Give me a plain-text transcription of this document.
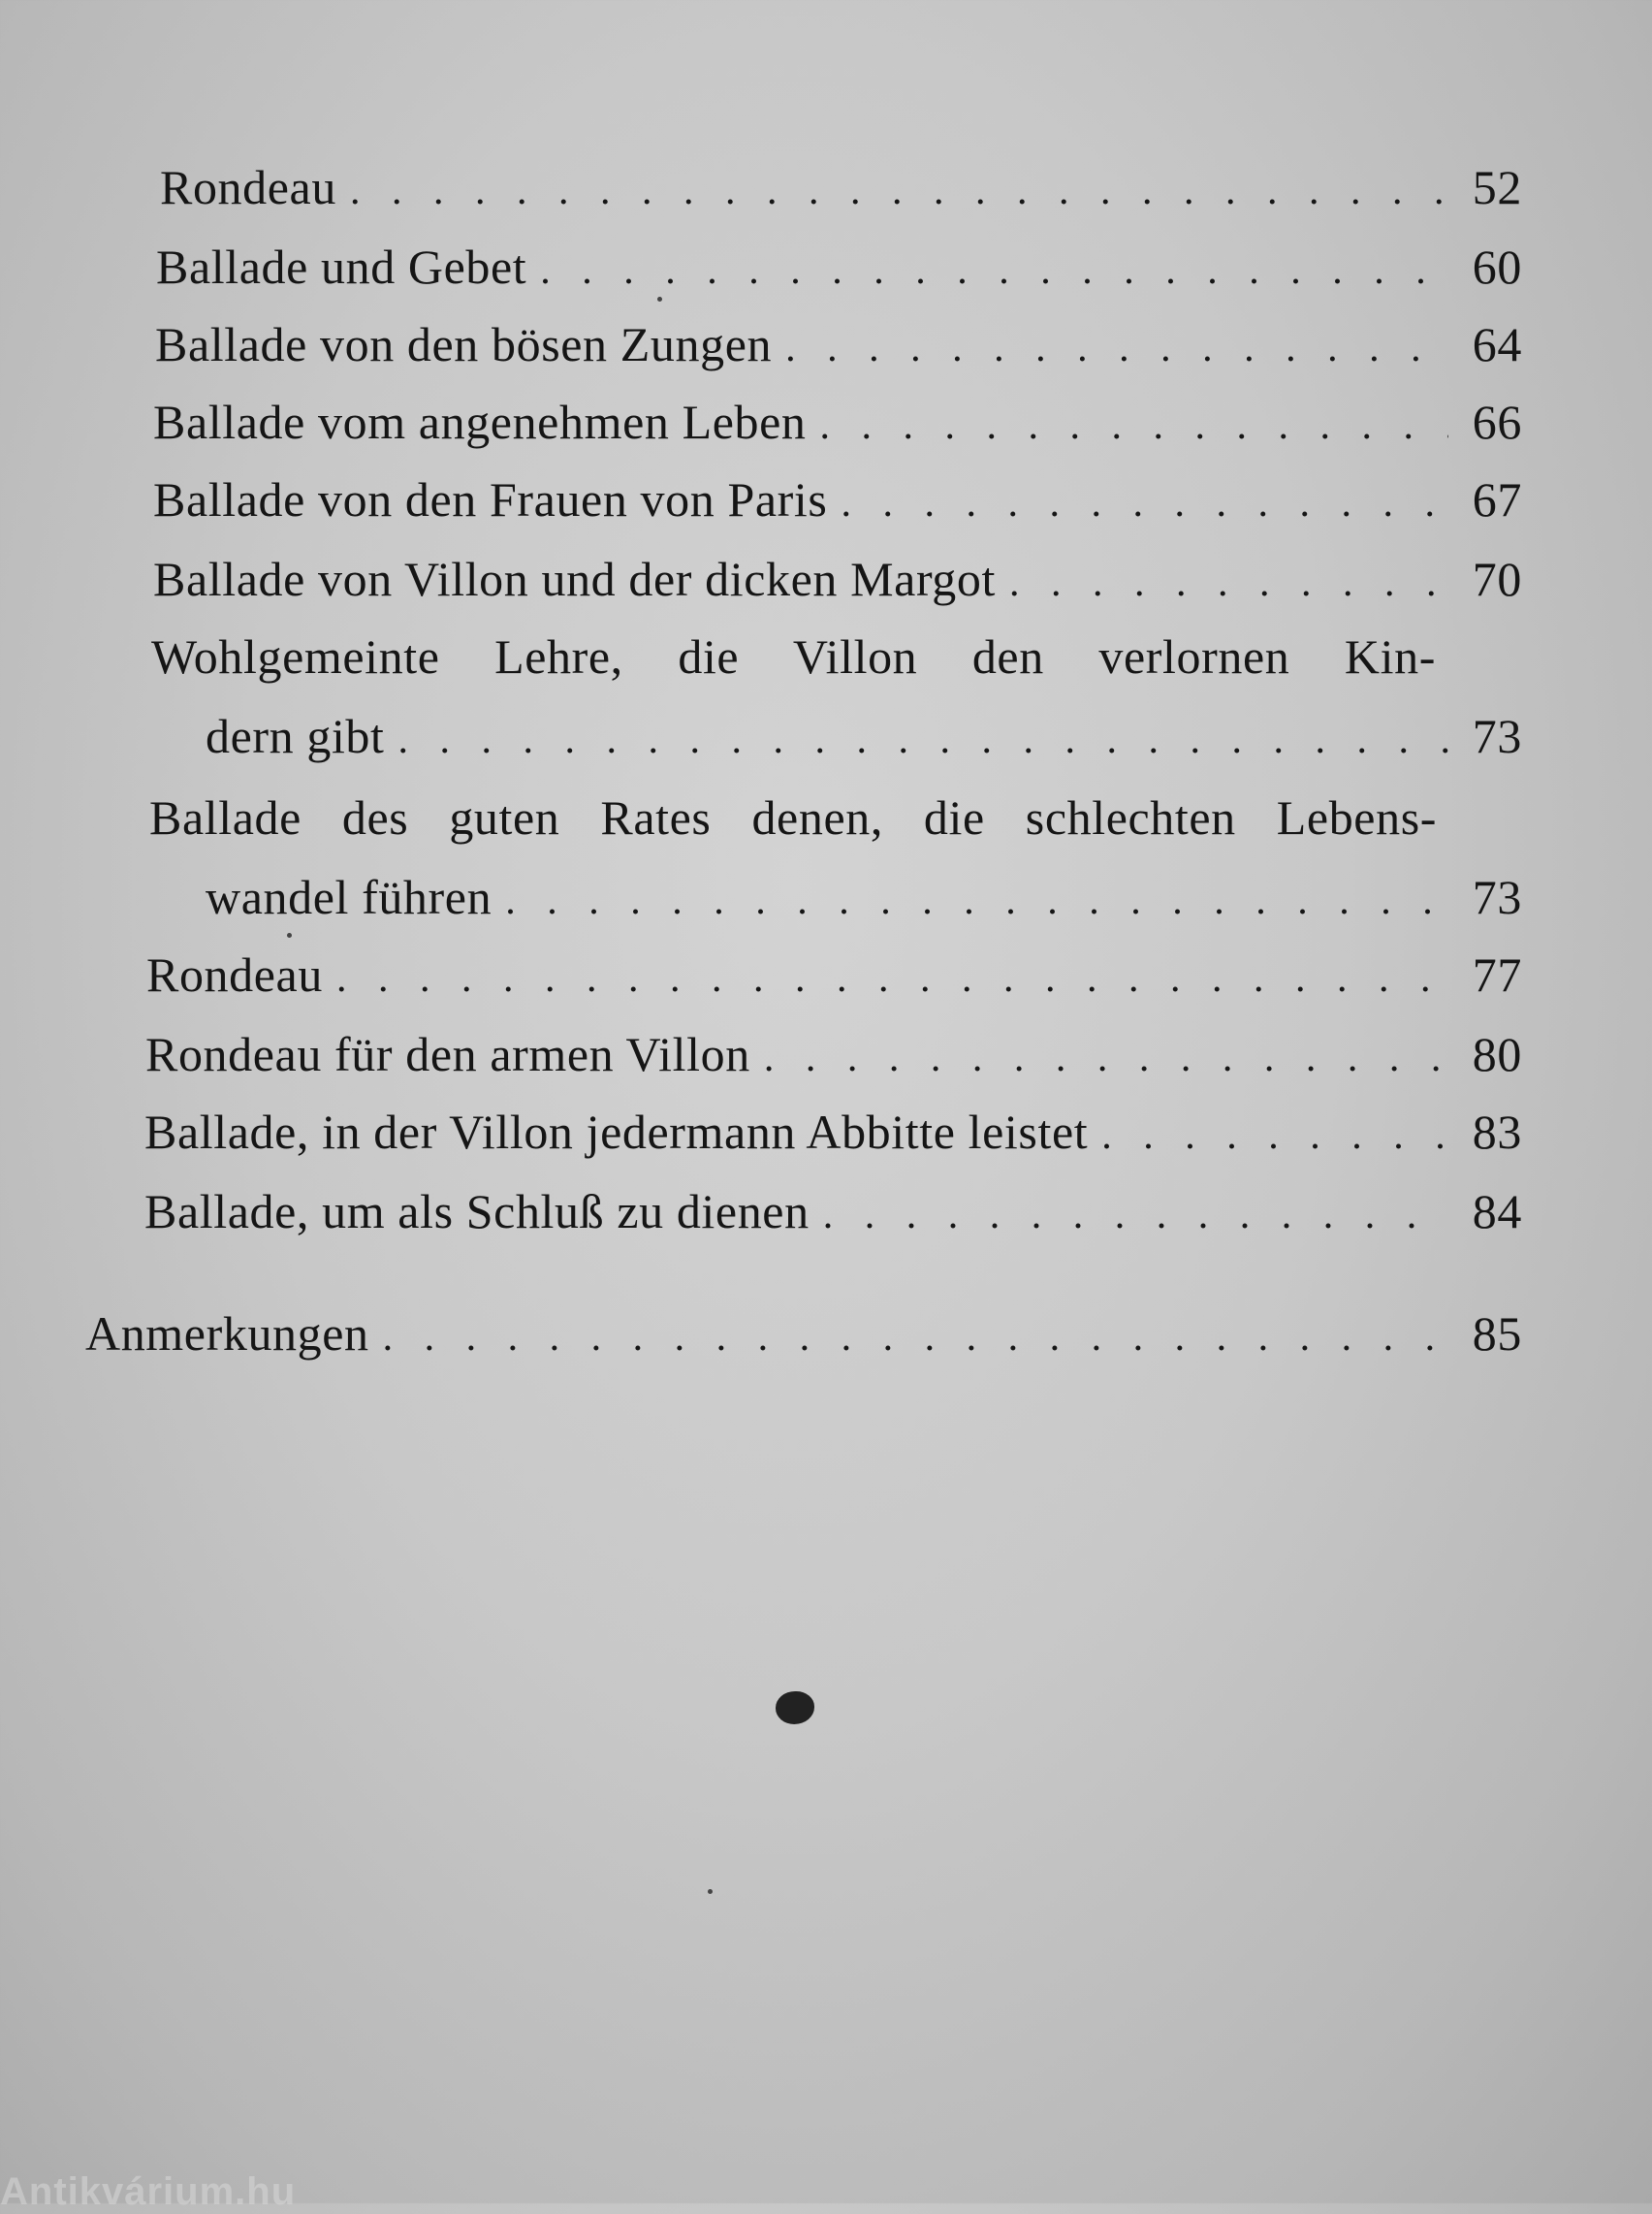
Rondeau . . .	52
Ballade und Gebet . . .	60
Ballade von den bösen Zungen . . .	64
Ballade vom angenehmen Leben . . .	66
Ballade von den Frauen von Paris . . .	67
Ballade von Villon und der dicken Margot . . .	70
Wohlgemeinte Lehre, die Villon den verlornen Kin-
dern gibt . . .	73
Ballade des guten Rates denen, die schlechten Lebens-
wandel führen . . .	73
Rondeau . . .	77
Rondeau für den armen Villon . . .	80
Ballade, in der Villon jedermann Abbitte leistet . . .	83
Ballade, um als Schluß zu dienen . . .	84
Anmerkungen . . .	85
Antikvárium.hu
